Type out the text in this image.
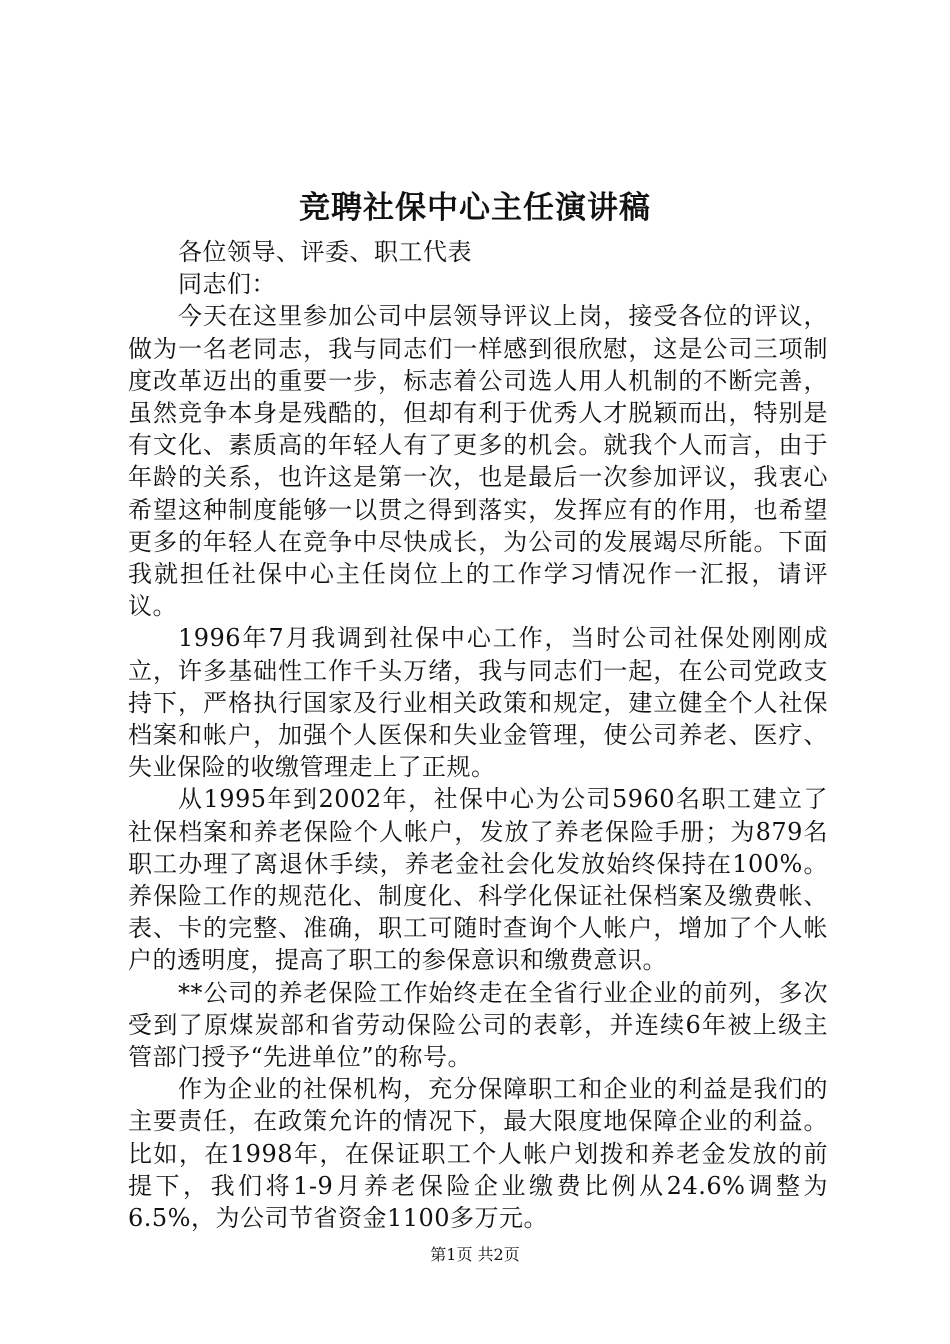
竞聘社保中心主任演讲稿

各位领导、评委、职工代表

同志们：

今天在这里参加公司中层领导评议上岗，接受各位的评议，做为一名老同志，我与同志们一样感到很欣慰，这是公司三项制度改革迈出的重要一步，标志着公司选人用人机制的不断完善，虽然竞争本身是残酷的，但却有利于优秀人才脱颖而出，特别是有文化、素质高的年轻人有了更多的机会。就我个人而言，由于年龄的关系，也许这是第一次，也是最后一次参加评议，我衷心希望这种制度能够一以贯之得到落实，发挥应有的作用，也希望更多的年轻人在竞争中尽快成长，为公司的发展竭尽所能。下面我就担任社保中心主任岗位上的工作学习情况作一汇报，请评议。

1996年7月我调到社保中心工作，当时公司社保处刚刚成立，许多基础性工作千头万绪，我与同志们一起，在公司党政支持下，严格执行国家及行业相关政策和规定，建立健全个人社保档案和帐户，加强个人医保和失业金管理，使公司养老、医疗、失业保险的收缴管理走上了正规。

从1995年到2002年，社保中心为公司5960名职工建立了社保档案和养老保险个人帐户，发放了养老保险手册；为879名职工办理了离退休手续，养老金社会化发放始终保持在100%。养保险工作的规范化、制度化、科学化保证社保档案及缴费帐、表、卡的完整、准确，职工可随时查询个人帐户，增加了个人帐户的透明度，提高了职工的参保意识和缴费意识。

**公司的养老保险工作始终走在全省行业企业的前列，多次受到了原煤炭部和省劳动保险公司的表彰，并连续6年被上级主管部门授予“先进单位”的称号。

作为企业的社保机构，充分保障职工和企业的利益是我们的主要责任，在政策允许的情况下，最大限度地保障企业的利益。比如，在1998年，在保证职工个人帐户划拨和养老金发放的前提下，我们将1-9月养老保险企业缴费比例从24.6%调整为6.5%，为公司节省资金1100多万元。

第1页 共2页
